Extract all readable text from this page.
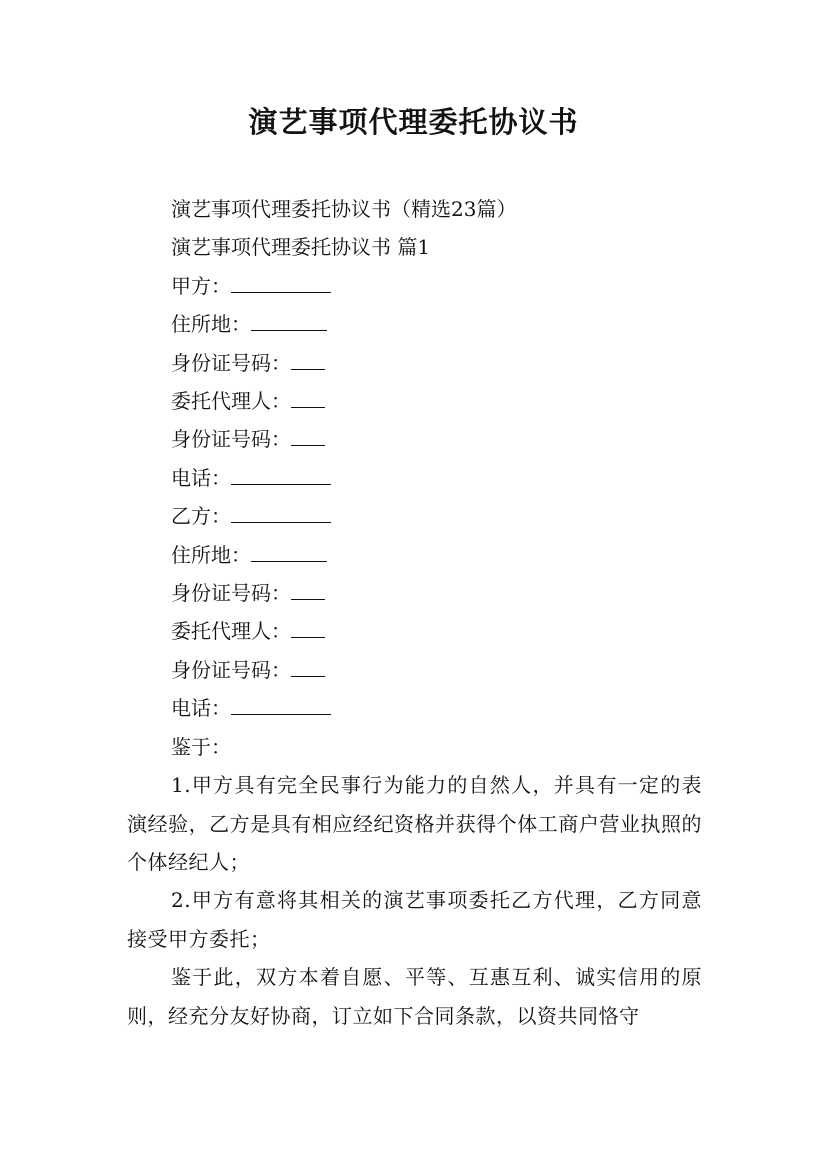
演艺事项代理委托协议书

演艺事项代理委托协议书（精选23篇）

演艺事项代理委托协议书 篇1

甲方：

住所地：

身份证号码：

委托代理人：

身份证号码：

电话：

乙方：

住所地：

身份证号码：

委托代理人：

身份证号码：

电话：

鉴于：

1.甲方具有完全民事行为能力的自然人，并具有一定的表演经验，乙方是具有相应经纪资格并获得个体工商户营业执照的个体经纪人；

2.甲方有意将其相关的演艺事项委托乙方代理，乙方同意接受甲方委托；

鉴于此，双方本着自愿、平等、互惠互利、诚实信用的原则，经充分友好协商，订立如下合同条款，以资共同恪守
